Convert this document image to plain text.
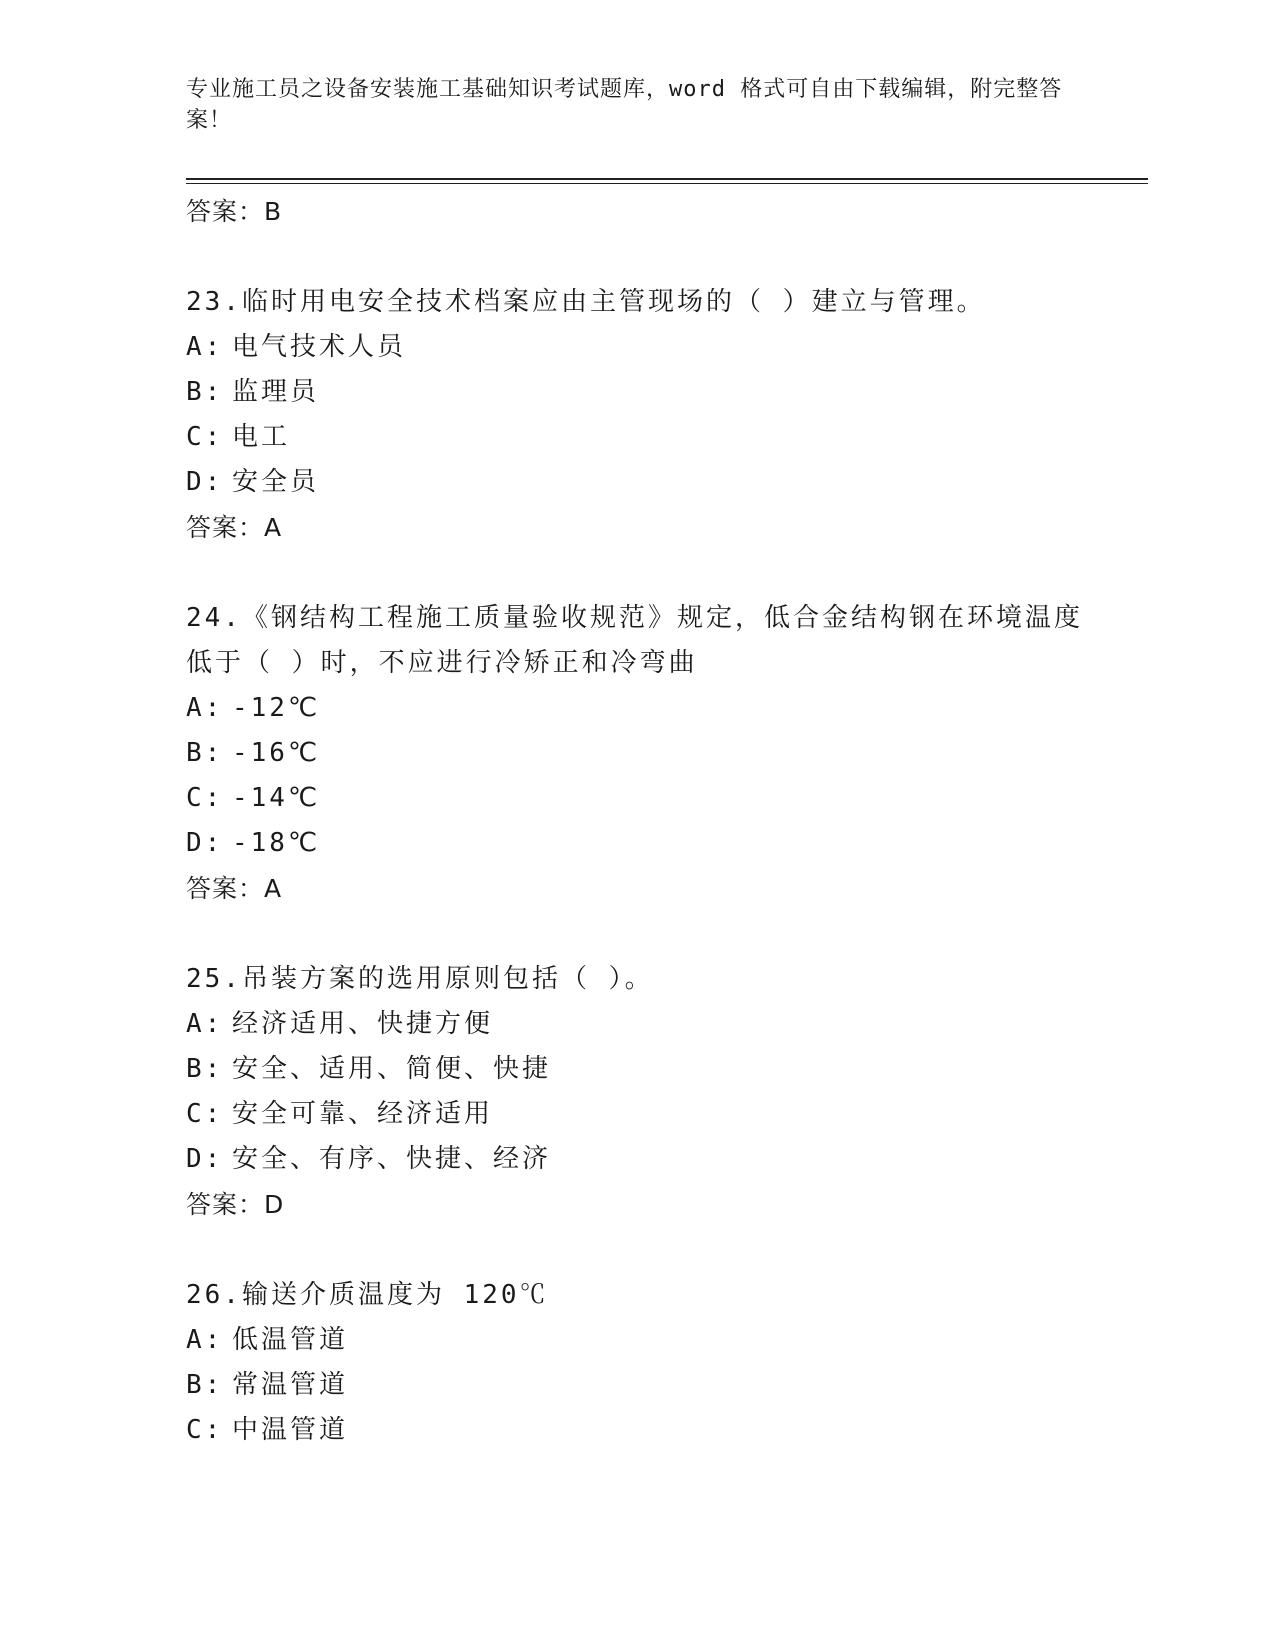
专业施工员之设备安装施工基础知识考试题库，word 格式可自由下载编辑，附完整答案！
答案：B
23.临时用电安全技术档案应由主管现场的（ ）建立与管理。
A: 电气技术人员
B: 监理员
C: 电工
D: 安全员
答案：A
24.《钢结构工程施工质量验收规范》规定，低合金结构钢在环境温度低于（ ）时，不应进行冷矫正和冷弯曲
A: -12℃
B: -16℃
C: -14℃
D: -18℃
答案：A
25.吊装方案的选用原则包括（ ）。
A: 经济适用、快捷方便
B: 安全、适用、简便、快捷
C: 安全可靠、经济适用
D: 安全、有序、快捷、经济
答案：D
26.输送介质温度为 120℃
A: 低温管道
B: 常温管道
C: 中温管道
